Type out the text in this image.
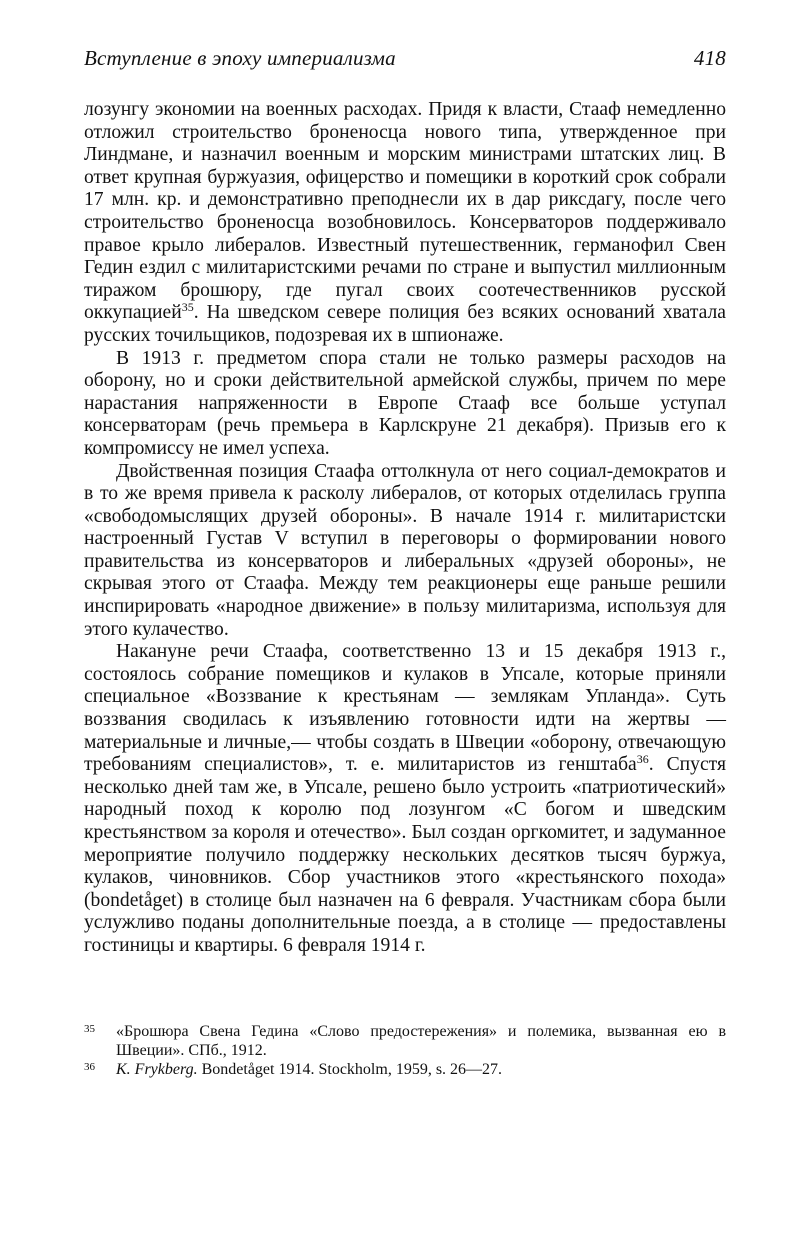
Вступление в эпоху империализма	418

лозунгу экономии на военных расходах. Придя к власти, Стааф немедленно отложил строительство броненосца нового типа, утвержденное при Линдмане, и назначил военным и морским министрами штатских лиц. В ответ крупная буржуазия, офицерство и помещики в короткий срок собрали 17 млн. кр. и демонстративно преподнесли их в дар риксдагу, после чего строительство броненосца возобновилось. Консерваторов поддерживало правое крыло либералов. Известный путешественник, германофил Свен Гедин ездил с милитаристскими речами по стране и выпустил миллионным тиражом брошюру, где пугал своих соотечественников русской оккупацией$^{35}$. На шведском севере полиция без всяких оснований хватала русских точильщиков, подозревая их в шпионаже.

В 1913 г. предметом спора стали не только размеры расходов на оборону, но и сроки действительной армейской службы, причем по мере нарастания напряженности в Европе Стааф все больше уступал консерваторам (речь премьера в Карлскруне 21 декабря). Призыв его к компромиссу не имел успеха.

Двойственная позиция Стаафа оттолкнула от него социал-демократов и в то же время привела к расколу либералов, от которых отделилась группа «свободомыслящих друзей обороны». В начале 1914 г. милитаристски настроенный Густав V вступил в переговоры о формировании нового правительства из консерваторов и либеральных «друзей обороны», не скрывая этого от Стаафа. Между тем реакционеры еще раньше решили инспирировать «народное движение» в пользу милитаризма, используя для этого кулачество.

Накануне речи Стаафа, соответственно 13 и 15 декабря 1913 г., состоялось собрание помещиков и кулаков в Упсале, которые приняли специальное «Воззвание к крестьянам — землякам Упланда». Суть воззвания сводилась к изъявлению готовности идти на жертвы — материальные и личные,— чтобы создать в Швеции «оборону, отвечающую требованиям специалистов», т. е. милитаристов из генштаба$^{36}$. Спустя несколько дней там же, в Упсале, решено было устроить «патриотический» народный поход к королю под лозунгом «С богом и шведским крестьянством за короля и отечество». Был создан оргкомитет, и задуманное мероприятие получило поддержку нескольких десятков тысяч буржуа, кулаков, чиновников. Сбор участников этого «крестьянского похода» (bondetåget) в столице был назначен на 6 февраля. Участникам сбора были услужливо поданы дополнительные поезда, а в столице — предоставлены гостиницы и квартиры. 6 февраля 1914 г.

35	«Брошюра Свена Гедина «Слово предостережения» и полемика, вызванная ею в Швеции». СПб., 1912.
36	K. Frykberg. Bondetåget 1914. Stockholm, 1959, s. 26—27.
